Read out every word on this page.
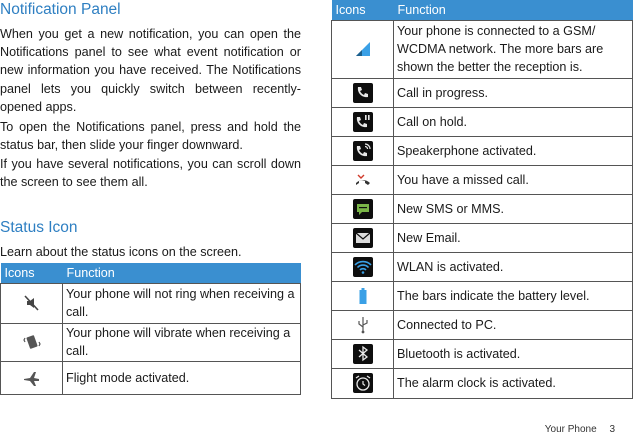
Notification Panel

When you get a new notification, you can open the Notifications panel to see what event notification or new information you have received. The Notifications panel lets you quickly switch between recently-opened apps.

To open the Notifications panel, press and hold the status bar, then slide your finger downward.

If you have several notifications, you can scroll down the screen to see them all.

Status Icon

Learn about the status icons on the screen.

Icons	Function

	Your phone will not ring when receiving a call.

	Your phone will vibrate when receiving a call.

	Flight mode activated.
Icons	Function

	Your phone is connected to a GSM/ WCDMA network. The more bars are shown the better the reception is.

	Call in progress.

	Call on hold.

	Speakerphone activated.

	You have a missed call.

	New SMS or MMS.

	New Email.

	WLAN is activated.

	The bars indicate the battery level.

	Connected to PC.

	Bluetooth is activated.

	The alarm clock is activated.
Your Phone 3
